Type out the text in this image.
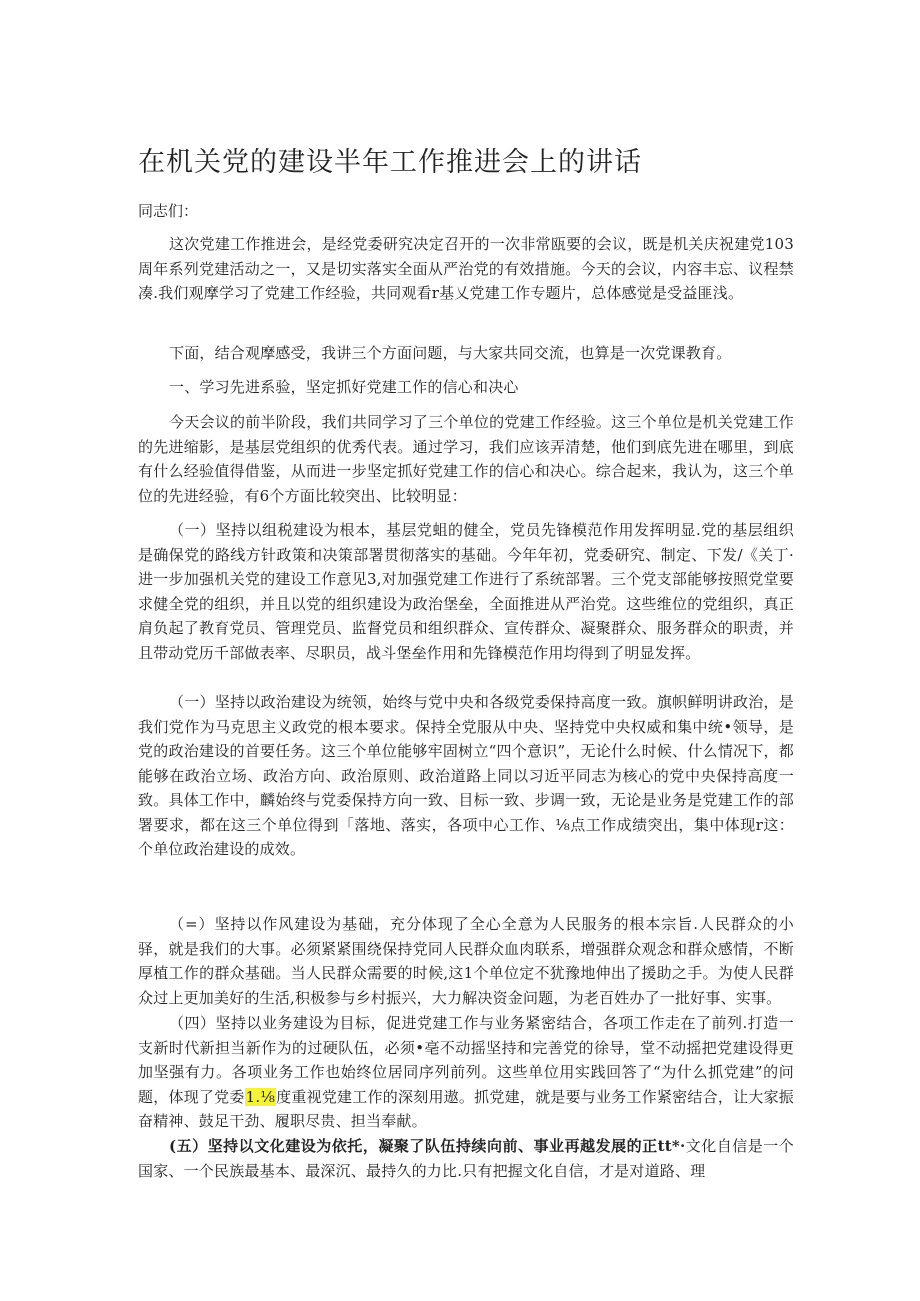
在机关党的建设半年工作推进会上的讲话
同志们：
这次党建工作推进会，是经党委研究决定召开的一次非常瓯要的会议，既是机关庆祝建党103周年系列党建活动之一，又是切实落实全面从严治党的有效措施。今天的会议，内容丰忘、议程禁凑.我们观摩学习了党建工作经验，共同观看r基乂党建工作专题片，总体感觉是受益匪浅。
下面，结合观摩感受，我讲三个方面问题，与大家共同交流，也算是一次党课教育。
一、学习先进系验，坚定抓好党建工作的信心和决心
今天会议的前半阶段，我们共同学习了三个单位的党建工作经验。这三个单位是机关党建工作的先进缩影，是基层党组织的优秀代表。通过学习，我们应该弄清楚，他们到底先进在哪里，到底有什么经验值得借鉴，从而进一步坚定抓好党建工作的信心和决心。综合起来，我认为，这三个单位的先进经验，有6个方面比较突出、比较明显：
（一）坚持以组税建设为根本，基层党蛆的健全，党员先锋模范作用发挥明显.党的基层组织是确保党的路线方针政策和决策部署贯彻落实的基础。今年年初，党委研究、制定、下发/《关丁·进一步加强机关党的建设工作意见3,对加强党建工作进行了系统部署。三个党支部能够按照党堂要求健全党的组织，并且以党的组织建设为政治堡垒，全面推进从严治党。这些维位的党组织，真正肩负起了教育党员、管理党员、监督党员和组织群众、宣传群众、凝聚群众、服务群众的职责，并且带动党历千部做表率、尽职员，战斗堡垒作用和先锋模范作用均得到了明显发挥。
（一）坚持以政治建设为统领，始终与党中央和各级党委保持高度一致。旗帜鲜明讲政治，是我们党作为马克思主义政党的根本要求。保持全党服从中央、坚持党中央权威和集中统•领导，是党的政治建设的首要任务。这三个单位能够牢固树立“四个意识”，无论什么时候、什么情况下，都能够在政治立场、政治方向、政治原则、政治道路上同以习近平同志为核心的党中央保持高度一致。具体工作中，麟始终与党委保持方向一致、目标一致、步调一致，无论是业务是党建工作的部署要求，都在这三个单位得到「落地、落实，各项中心工作、⅛点工作成绩突出，集中体现r这：个单位政治建设的成效。
（=）坚持以作风建设为基础，充分体现了全心全意为人民服务的根本宗旨.人民群众的小驿，就是我们的大事。必须紧紧围绕保持党同人民群众血肉联系，增强群众观念和群众感情，不断厚植工作的群众基础。当人民群众需要的时候,这1个单位定不犹豫地伸出了援助之手。为使人民群众过上更加美好的生活,积极参与乡村振兴，大力解决资金问题，为老百姓办了一批好事、实事。
（四）坚持以业务建设为目标，促进党建工作与业务紧密结合，各项工作走在了前列.打造一支新时代新担当新作为的过硬队伍，必须•亳不动摇坚持和完善党的徐导，堂不动摇把党建设得更加坚强有力。各项业务工作也始终位居同序列前列。这些单位用实践回答了“为什么抓党建”的问题，体现了党委1.⅛度重视党建工作的深刻用遨。抓党建，就是要与业务工作紧密结合，让大家振奋精神、鼓足干劲、履职尽贵、担当奉献。
(五）坚持以文化建设为依托，凝聚了队伍持续向前、事业再越发展的正tt*·文化自信是一个国家、一个民族最基本、最深沉、最持久的力比.只有把握文化自信，才是对道路、理
